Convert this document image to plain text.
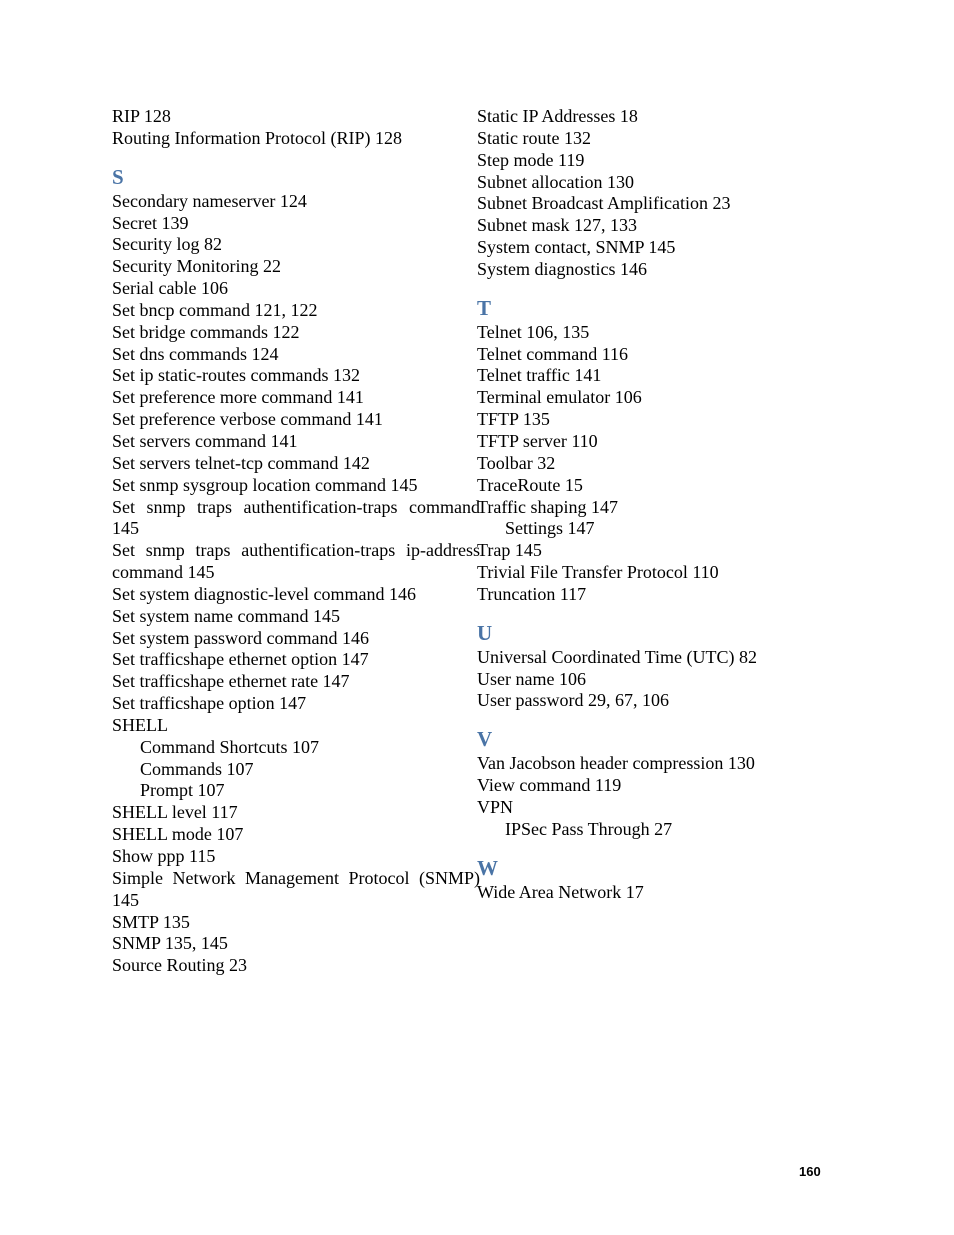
RIP 128
Routing Information Protocol (RIP) 128
S
Secondary nameserver 124
Secret 139
Security log 82
Security Monitoring 22
Serial cable 106
Set bncp command 121, 122
Set bridge commands 122
Set dns commands 124
Set ip static-routes commands 132
Set preference more command 141
Set preference verbose command 141
Set servers command 141
Set servers telnet-tcp command 142
Set snmp sysgroup location command 145
Set snmp traps authentification-traps command 145
Set snmp traps authentification-traps ip-address command 145
Set system diagnostic-level command 146
Set system name command 145
Set system password command 146
Set trafficshape ethernet option 147
Set trafficshape ethernet rate 147
Set trafficshape option 147
SHELL
Command Shortcuts 107
Commands 107
Prompt 107
SHELL level 117
SHELL mode 107
Show ppp 115
Simple Network Management Protocol (SNMP) 145
SMTP 135
SNMP 135, 145
Source Routing 23
Static IP Addresses 18
Static route 132
Step mode 119
Subnet allocation 130
Subnet Broadcast Amplification 23
Subnet mask 127, 133
System contact, SNMP 145
System diagnostics 146
T
Telnet 106, 135
Telnet command 116
Telnet traffic 141
Terminal emulator 106
TFTP 135
TFTP server 110
Toolbar 32
TraceRoute 15
Traffic shaping 147
Settings 147
Trap 145
Trivial File Transfer Protocol 110
Truncation 117
U
Universal Coordinated Time (UTC) 82
User name 106
User password 29, 67, 106
V
Van Jacobson header compression 130
View command 119
VPN
IPSec Pass Through 27
W
Wide Area Network 17
160
